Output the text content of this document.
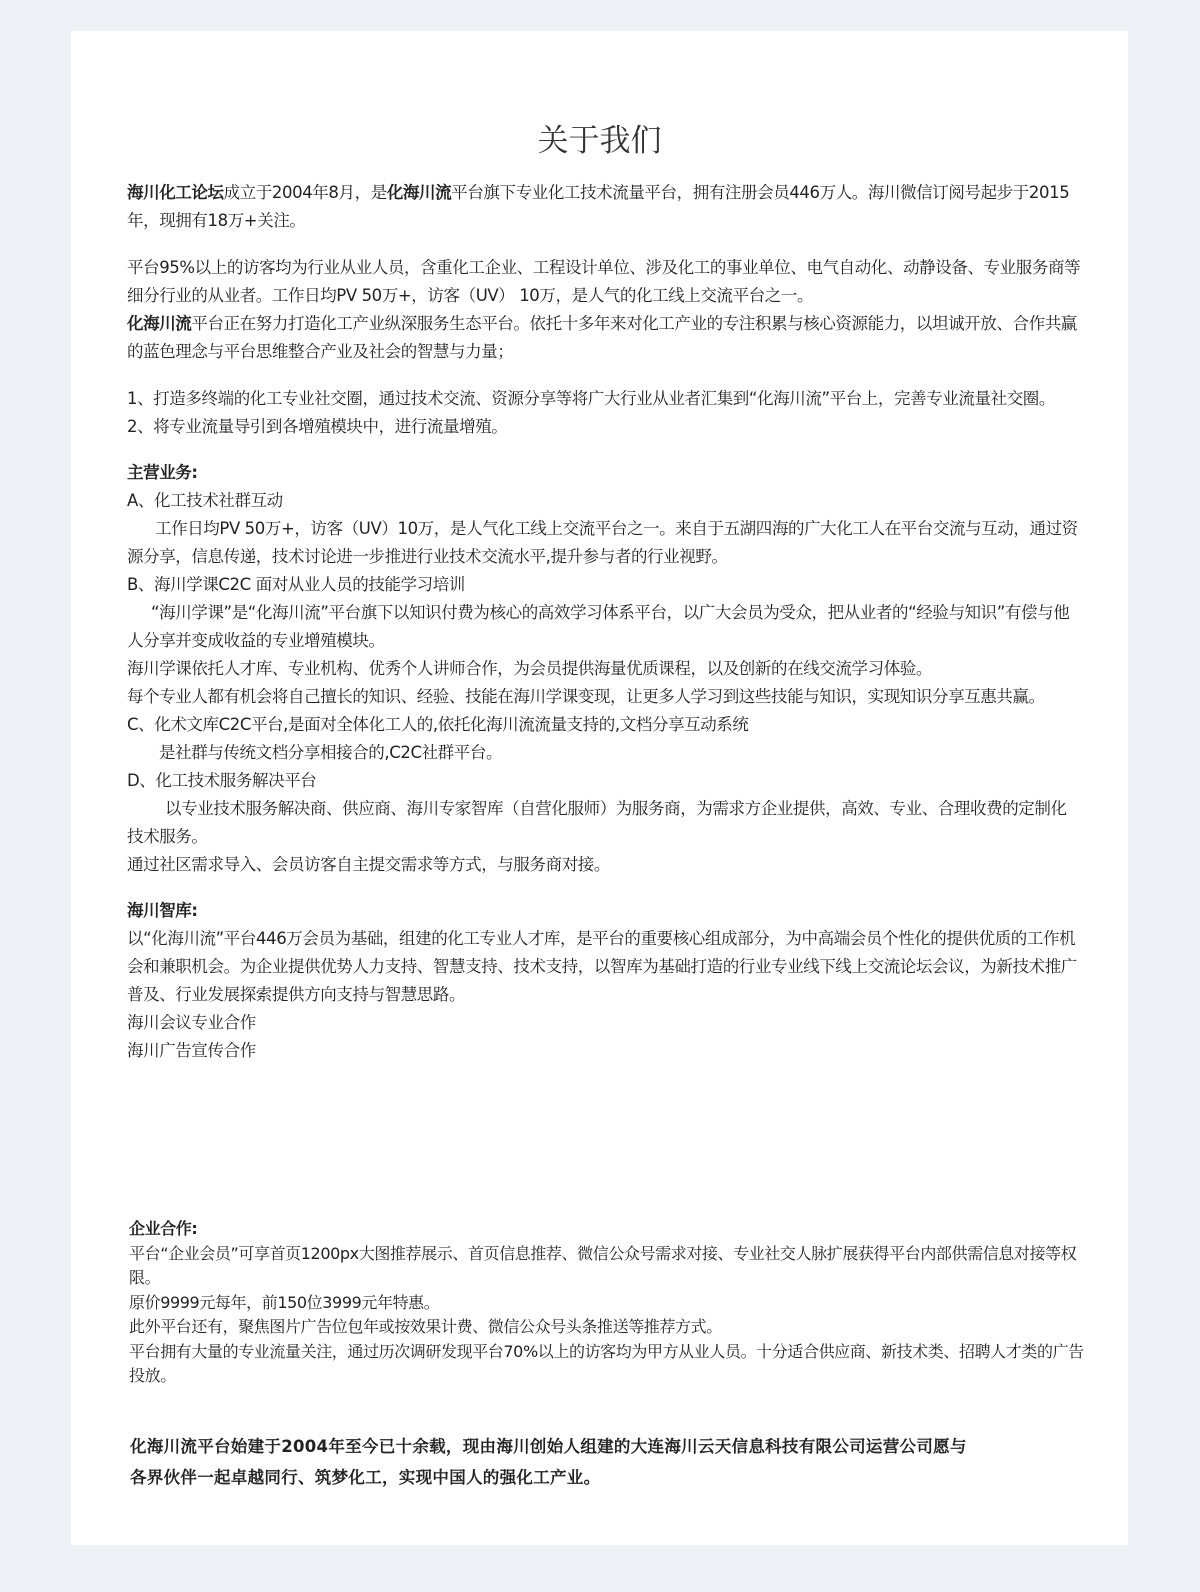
关于我们

海川化工论坛成立于2004年8月，是化海川流平台旗下专业化工技术流量平台，拥有注册会员446万人。海川微信订阅号起步于2015年，现拥有18万+关注。

平台95%以上的访客均为行业从业人员，含重化工企业、工程设计单位、涉及化工的事业单位、电气自动化、动静设备、专业服务商等细分行业的从业者。工作日均PV 50万+，访客（UV） 10万，是人气的化工线上交流平台之一。

化海川流平台正在努力打造化工产业纵深服务生态平台。依托十多年来对化工产业的专注积累与核心资源能力，以坦诚开放、合作共赢的蓝色理念与平台思维整合产业及社会的智慧与力量；

1、打造多终端的化工专业社交圈，通过技术交流、资源分享等将广大行业从业者汇集到“化海川流”平台上，完善专业流量社交圈。

2、将专业流量导引到各增殖模块中，进行流量增殖。

主营业务:

A、化工技术社群互动

工作日均PV 50万+，访客（UV）10万，是人气化工线上交流平台之一。来自于五湖四海的广大化工人在平台交流与互动，通过资源分享，信息传递，技术讨论进一步推进行业技术交流水平,提升参与者的行业视野。

B、海川学课C2C 面对从业人员的技能学习培训

“海川学课”是“化海川流”平台旗下以知识付费为核心的高效学习体系平台，以广大会员为受众，把从业者的“经验与知识”有偿与他人分享并变成收益的专业增殖模块。

海川学课依托人才库、专业机构、优秀个人讲师合作，为会员提供海量优质课程，以及创新的在线交流学习体验。

每个专业人都有机会将自己擅长的知识、经验、技能在海川学课变现，让更多人学习到这些技能与知识，实现知识分享互惠共赢。

C、化术文库C2C平台,是面对全体化工人的,依托化海川流流量支持的,文档分享互动系统

是社群与传统文档分享相接合的,C2C社群平台。

D、化工技术服务解决平台

以专业技术服务解决商、供应商、海川专家智库（自营化服师）为服务商，为需求方企业提供，高效、专业、合理收费的定制化技术服务。

通过社区需求导入、会员访客自主提交需求等方式，与服务商对接。

海川智库:

以“化海川流”平台446万会员为基础，组建的化工专业人才库，是平台的重要核心组成部分，为中高端会员个性化的提供优质的工作机会和兼职机会。为企业提供优势人力支持、智慧支持、技术支持，以智库为基础打造的行业专业线下线上交流论坛会议，为新技术推广普及、行业发展探索提供方向支持与智慧思路。

海川会议专业合作

海川广告宣传合作

企业合作:

平台“企业会员”可享首页1200px大图推荐展示、首页信息推荐、微信公众号需求对接、专业社交人脉扩展获得平台内部供需信息对接等权限。

原价9999元每年，前150位3999元年特惠。

此外平台还有，聚焦图片广告位包年或按效果计费、微信公众号头条推送等推荐方式。

平台拥有大量的专业流量关注，通过历次调研发现平台70%以上的访客均为甲方从业人员。十分适合供应商、新技术类、招聘人才类的广告投放。

化海川流平台始建于2004年至今已十余载，现由海川创始人组建的大连海川云天信息科技有限公司运营公司愿与

各界伙伴一起卓越同行、筑梦化工，实现中国人的强化工产业。
